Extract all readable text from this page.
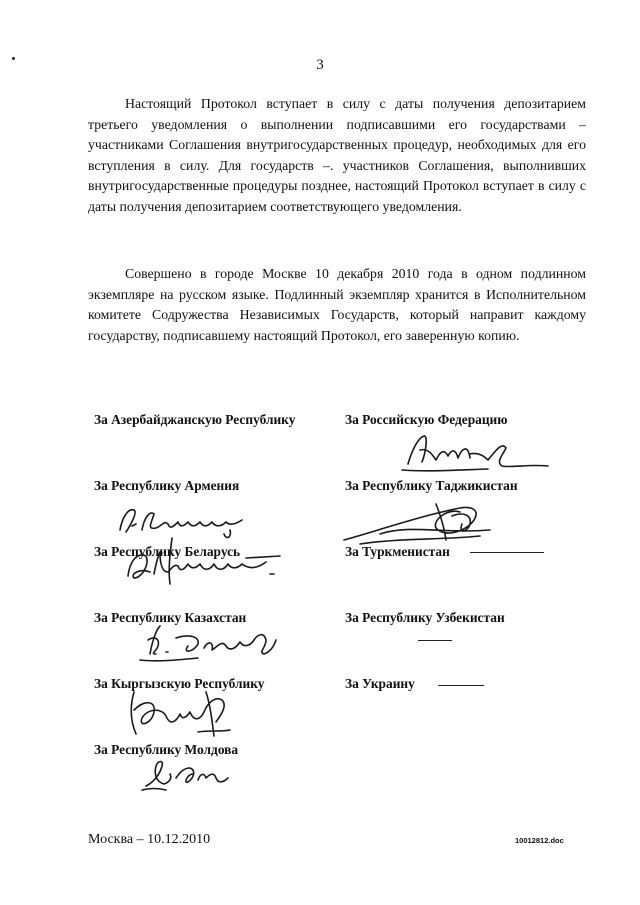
3

Настоящий Протокол вступает в силу с даты получения депозитарием третьего уведомления о выполнении подписавшими его государствами – участниками Соглашения внутригосударственных процедур, необходимых для его вступления в силу. Для государств –. участников Соглашения, выполнивших внутригосударственные процедуры позднее, настоящий Протокол вступает в силу с даты получения депозитарием соответствующего уведомления.

Совершено в городе Москве 10 декабря 2010 года в одном подлинном экземпляре на русском языке. Подлинный экземпляр хранится в Исполнительном комитете Содружества Независимых Государств, который направит каждому государству, подписавшему настоящий Протокол, его заверенную копию.

За Азербайджанскую Республику
За Республику Армения
За Республику Беларусь
За Республику Казахстан
За Кыргызскую Республику
За Республику Молдова
За Российскую Федерацию
За Республику Таджикистан
За Туркменистан
За Республику Узбекистан
За Украину
Москва – 10.12.2010	10012812.doc
